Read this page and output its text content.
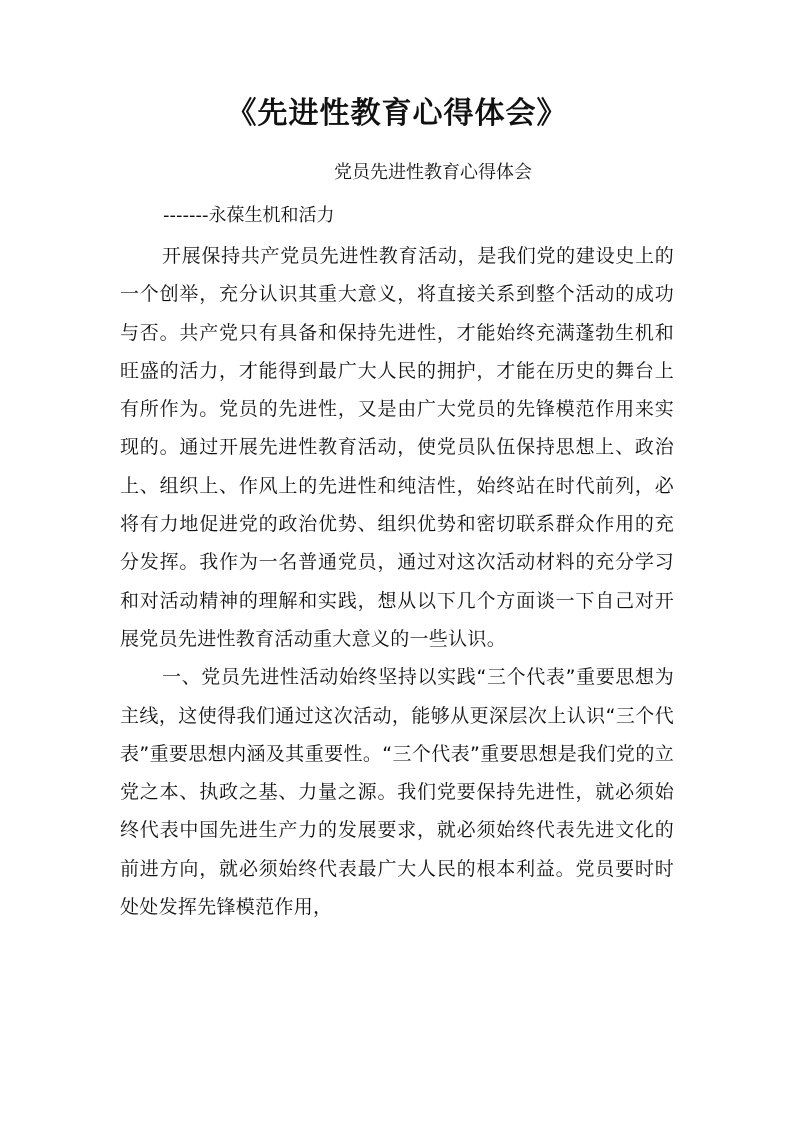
《先进性教育心得体会》
党员先进性教育心得体会
-------永葆生机和活力

开展保持共产党员先进性教育活动，是我们党的建设史上的一个创举，充分认识其重大意义，将直接关系到整个活动的成功与否。共产党只有具备和保持先进性，才能始终充满蓬勃生机和旺盛的活力，才能得到最广大人民的拥护，才能在历史的舞台上有所作为。党员的先进性，又是由广大党员的先锋模范作用来实现的。通过开展先进性教育活动，使党员队伍保持思想上、政治上、组织上、作风上的先进性和纯洁性，始终站在时代前列，必将有力地促进党的政治优势、组织优势和密切联系群众作用的充分发挥。我作为一名普通党员，通过对这次活动材料的充分学习和对活动精神的理解和实践，想从以下几个方面谈一下自己对开展党员先进性教育活动重大意义的一些认识。

一、党员先进性活动始终坚持以实践“三个代表”重要思想为主线，这使得我们通过这次活动，能够从更深层次上认识“三个代表”重要思想内涵及其重要性。“三个代表”重要思想是我们党的立党之本、执政之基、力量之源。我们党要保持先进性，就必须始终代表中国先进生产力的发展要求，就必须始终代表先进文化的前进方向，就必须始终代表最广大人民的根本利益。党员要时时处处发挥先锋模范作用，
